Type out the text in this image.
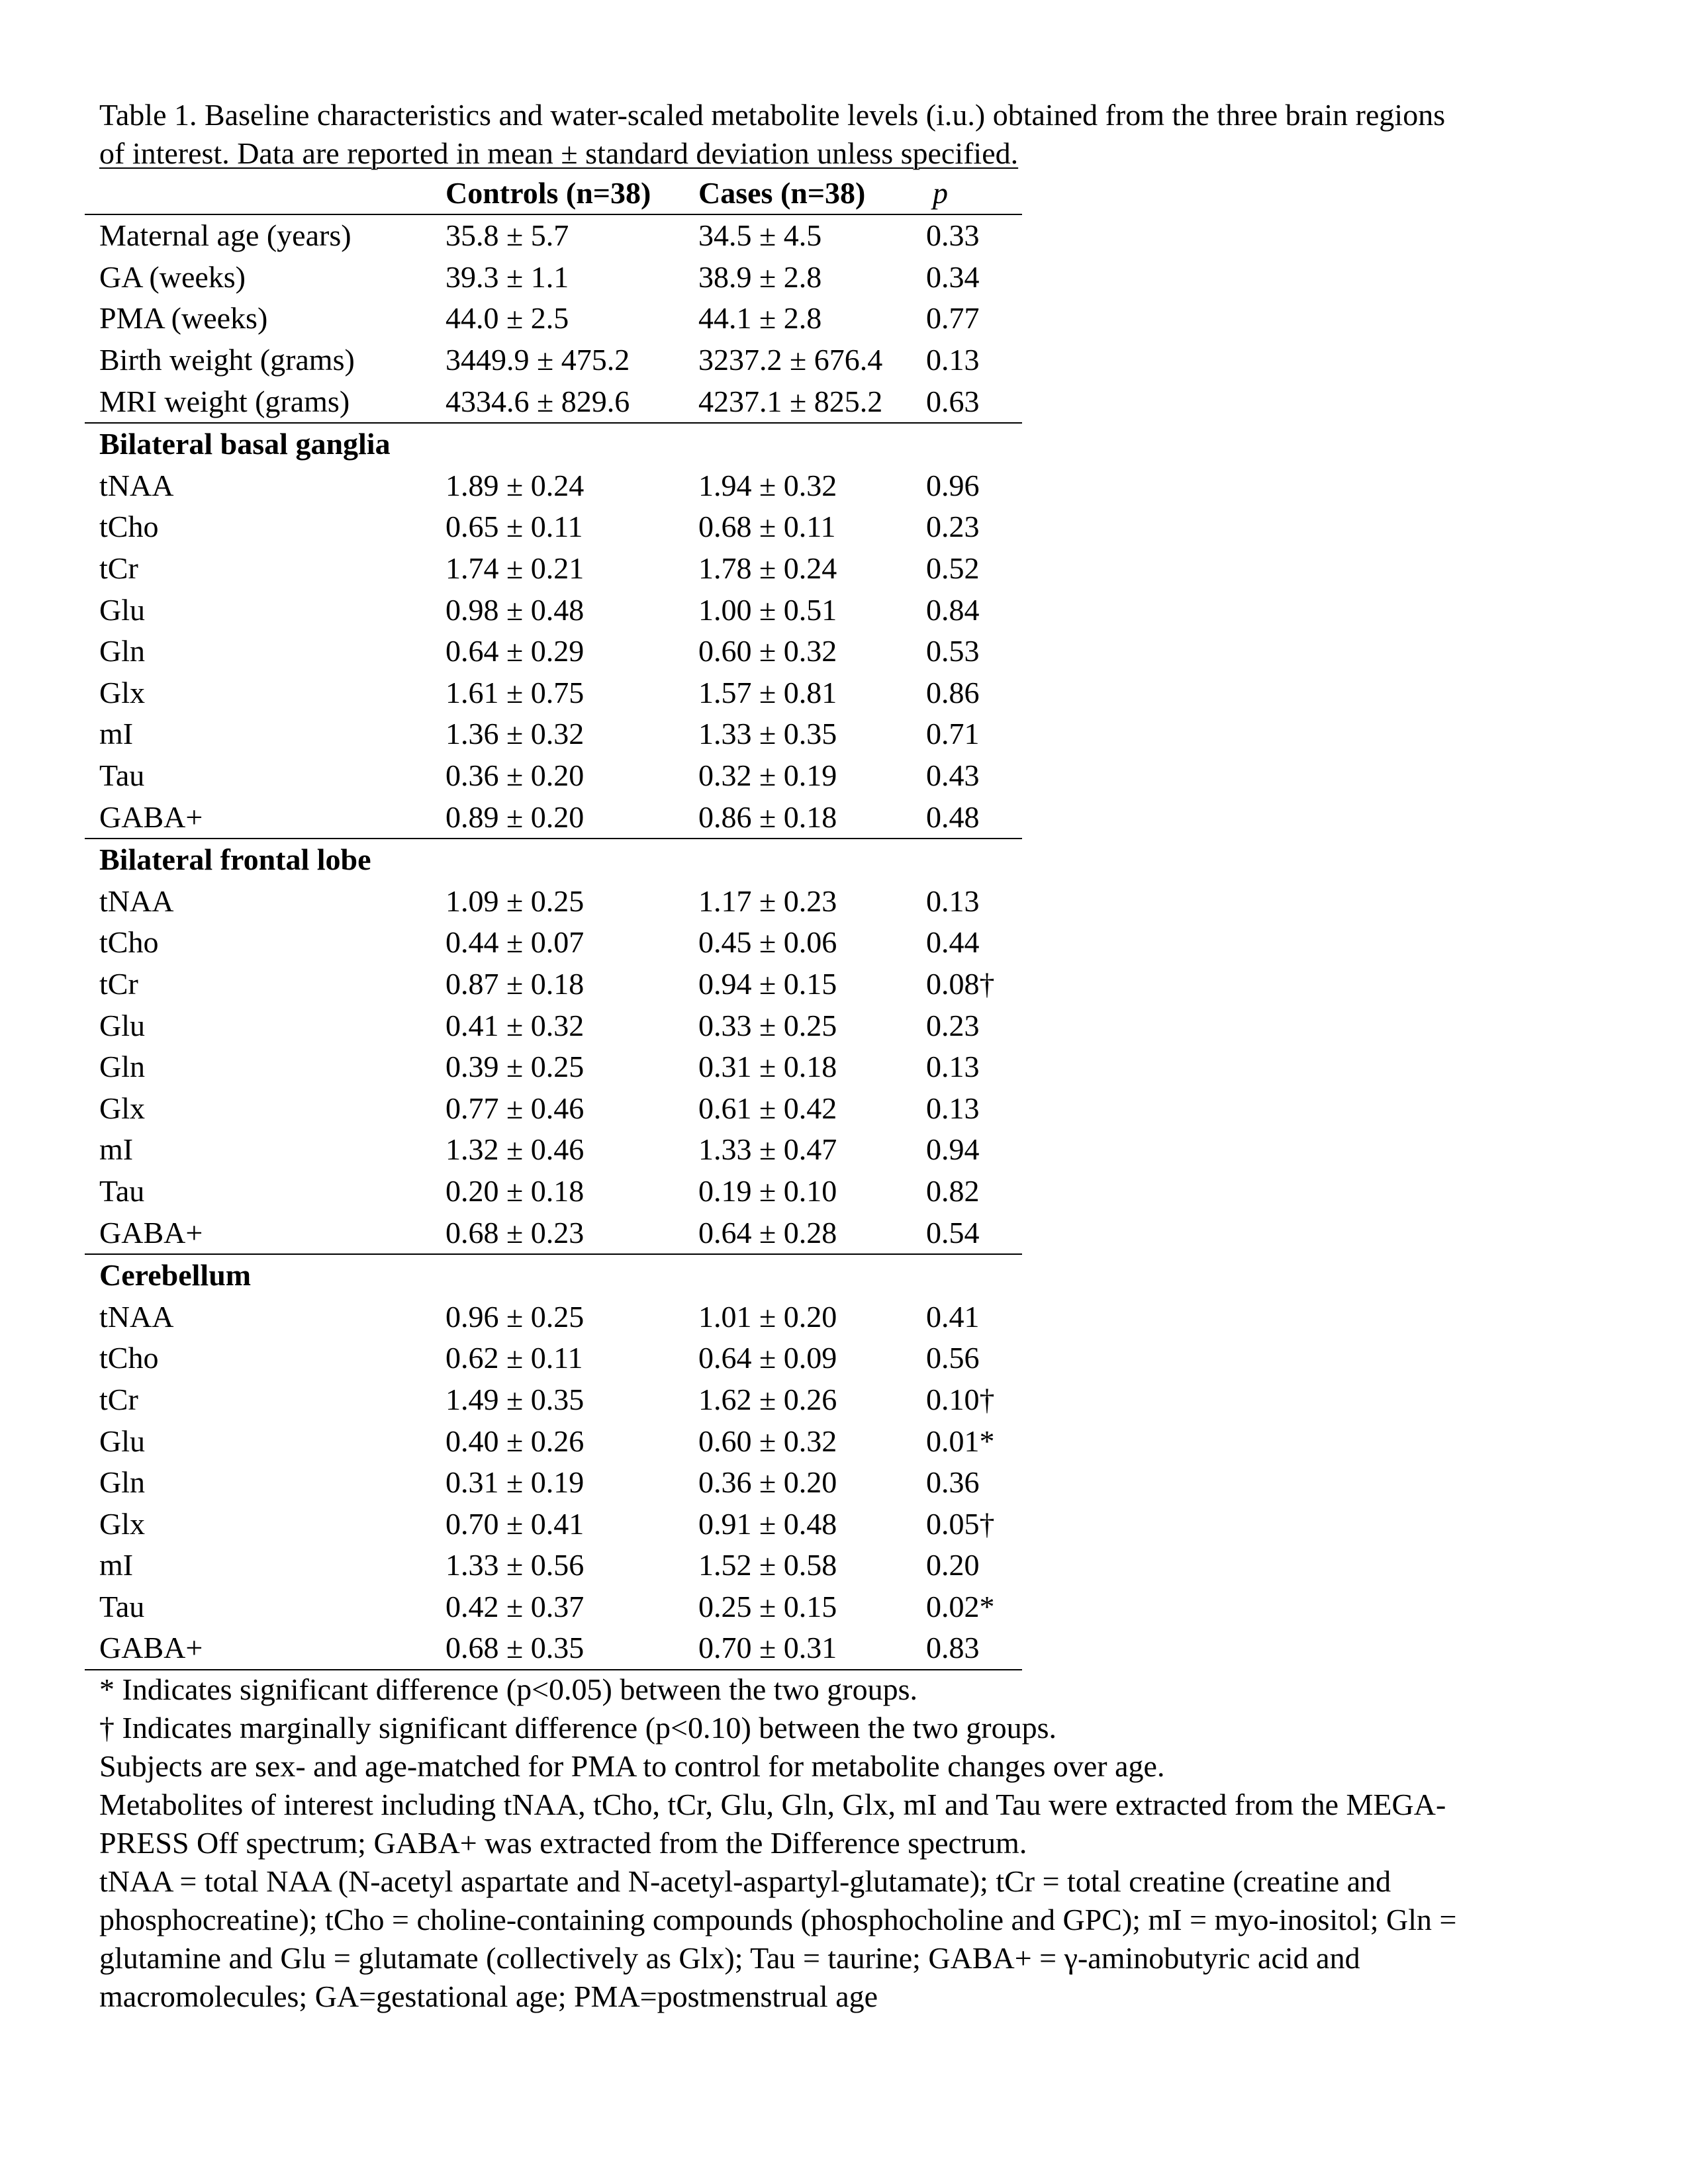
Table 1. Baseline characteristics and water-scaled metabolite levels (i.u.) obtained from the three brain regions
of interest. Data are reported in mean ± standard deviation unless specified.
	Controls (n=38)	Cases (n=38)	p
Maternal age (years)	35.8 ± 5.7	34.5 ± 4.5	0.33
GA (weeks)	39.3 ± 1.1	38.9 ± 2.8	0.34
PMA (weeks)	44.0 ± 2.5	44.1 ± 2.8	0.77
Birth weight (grams)	3449.9 ± 475.2	3237.2 ± 676.4	0.13
MRI weight (grams)	4334.6 ± 829.6	4237.1 ± 825.2	0.63
Bilateral basal ganglia			
tNAA	1.89 ± 0.24	1.94 ± 0.32	0.96
tCho	0.65 ± 0.11	0.68 ± 0.11	0.23
tCr	1.74 ± 0.21	1.78 ± 0.24	0.52
Glu	0.98 ± 0.48	1.00 ± 0.51	0.84
Gln	0.64 ± 0.29	0.60 ± 0.32	0.53
Glx	1.61 ± 0.75	1.57 ± 0.81	0.86
mI	1.36 ± 0.32	1.33 ± 0.35	0.71
Tau	0.36 ± 0.20	0.32 ± 0.19	0.43
GABA+	0.89 ± 0.20	0.86 ± 0.18	0.48
Bilateral frontal lobe			
tNAA	1.09 ± 0.25	1.17 ± 0.23	0.13
tCho	0.44 ± 0.07	0.45 ± 0.06	0.44
tCr	0.87 ± 0.18	0.94 ± 0.15	0.08†
Glu	0.41 ± 0.32	0.33 ± 0.25	0.23
Gln	0.39 ± 0.25	0.31 ± 0.18	0.13
Glx	0.77 ± 0.46	0.61 ± 0.42	0.13
mI	1.32 ± 0.46	1.33 ± 0.47	0.94
Tau	0.20 ± 0.18	0.19 ± 0.10	0.82
GABA+	0.68 ± 0.23	0.64 ± 0.28	0.54
Cerebellum			
tNAA	0.96 ± 0.25	1.01 ± 0.20	0.41
tCho	0.62 ± 0.11	0.64 ± 0.09	0.56
tCr	1.49 ± 0.35	1.62 ± 0.26	0.10†
Glu	0.40 ± 0.26	0.60 ± 0.32	0.01*
Gln	0.31 ± 0.19	0.36 ± 0.20	0.36
Glx	0.70 ± 0.41	0.91 ± 0.48	0.05†
mI	1.33 ± 0.56	1.52 ± 0.58	0.20
Tau	0.42 ± 0.37	0.25 ± 0.15	0.02*
GABA+	0.68 ± 0.35	0.70 ± 0.31	0.83
* Indicates significant difference (p<0.05) between the two groups.
† Indicates marginally significant difference (p<0.10) between the two groups.
Subjects are sex- and age-matched for PMA to control for metabolite changes over age.
Metabolites of interest including tNAA, tCho, tCr, Glu, Gln, Glx, mI and Tau were extracted from the MEGA-
PRESS Off spectrum; GABA+ was extracted from the Difference spectrum.
tNAA = total NAA (N-acetyl aspartate and N-acetyl-aspartyl-glutamate); tCr = total creatine (creatine and
phosphocreatine); tCho = choline-containing compounds (phosphocholine and GPC); mI = myo-inositol; Gln =
glutamine and Glu = glutamate (collectively as Glx); Tau = taurine; GABA+ = γ-aminobutyric acid and
macromolecules; GA=gestational age; PMA=postmenstrual age
